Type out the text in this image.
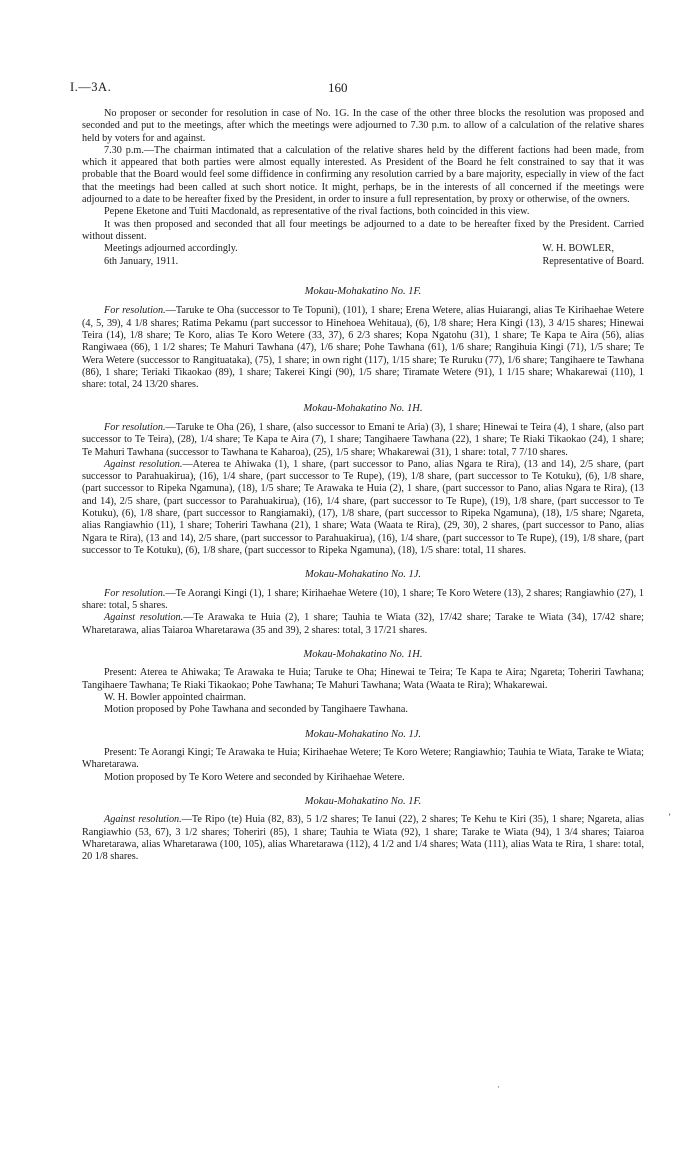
I.—3A.	160

No proposer or seconder for resolution in case of No. 1G. In the case of the other three blocks the resolution was proposed and seconded and put to the meetings, after which the meetings were adjourned to 7.30 p.m. to allow of a calculation of the relative shares held by voters for and against.

7.30 p.m.—The chairman intimated that a calculation of the relative shares held by the different factions had been made, from which it appeared that both parties were almost equally interested. As President of the Board he felt constrained to say that it was probable that the Board would feel some diffidence in confirming any resolution carried by a bare majority, especially in view of the fact that the meetings had been called at such short notice. It might, perhaps, be in the interests of all concerned if the meetings were adjourned to a date to be hereafter fixed by the President, in order to insure a full representation, by proxy or otherwise, of the owners.

Pepene Eketone and Tuiti Macdonald, as representative of the rival factions, both coincided in this view.

It was then proposed and seconded that all four meetings be adjourned to a date to be hereafter fixed by the President. Carried without dissent.

Meetings adjourned accordingly.
6th January, 1911.
W. H. BOWLER,
Representative of Board.
Mokau-Mohakatino No. 1F.

For resolution.—Taruke te Oha (successor to Te Topuni), (101), 1 share; Erena Wetere, alias Huiarangi, alias Te Kirihaehae Wetere (4, 5, 39), 4 1/8 shares; Ratima Pekamu (part successor to Hinehoea Wehitaua), (6), 1/8 share; Hera Kingi (13), 3 4/15 shares; Hinewai Teira (14), 1/8 share; Te Koro, alias Te Koro Wetere (33, 37), 6 2/3 shares; Kopa Ngatohu (31), 1 share; Te Kapa te Aira (56), alias Rangiwaea (66), 1 1/2 shares; Te Mahuri Tawhana (47), 1/6 share; Pohe Tawhana (61), 1/6 share; Rangihuia Kingi (71), 1/5 share; Te Wera Wetere (successor to Rangituataka), (75), 1 share; in own right (117), 1/15 share; Te Ruruku (77), 1/6 share; Tangihaere te Tawhana (86), 1 share; Teriaki Tikaokao (89), 1 share; Takerei Kingi (90), 1/5 share; Tiramate Wetere (91), 1 1/15 share; Whakarewai (110), 1 share: total, 24 13/20 shares.

Mokau-Mohakatino No. 1H.

For resolution.—Taruke te Oha (26), 1 share, (also successor to Emani te Aria) (3), 1 share; Hinewai te Teira (4), 1 share, (also part successor to Te Teira), (28), 1/4 share; Te Kapa te Aira (7), 1 share; Tangihaere Tawhana (22), 1 share; Te Riaki Tikaokao (24), 1 share; Te Mahuri Tawhana (successor to Tawhana te Kaharoa), (25), 1/5 share; Whakarewai (31), 1 share: total, 7 7/10 shares.

Against resolution.—Aterea te Ahiwaka (1), 1 share, (part successor to Pano, alias Ngara te Rira), (13 and 14), 2/5 share, (part successor to Parahuakirua), (16), 1/4 share, (part successor to Te Rupe), (19), 1/8 share, (part successor to Te Kotuku), (6), 1/8 share, (part successor to Ripeka Ngamuna), (18), 1/5 share; Te Arawaka te Huia (2), 1 share, (part successor to Pano, alias Ngara te Rira), (13 and 14), 2/5 share, (part successor to Parahuakirua), (16), 1/4 share, (part successor to Te Rupe), (19), 1/8 share, (part successor to Te Kotuku), (6), 1/8 share, (part successor to Rangiamaki), (17), 1/8 share, (part successor to Ripeka Ngamuna), (18), 1/5 share; Ngareta, alias Rangiawhio (11), 1 share; Toheriri Tawhana (21), 1 share; Wata (Waata te Rira), (29, 30), 2 shares, (part successor to Pano, alias Ngara te Rira), (13 and 14), 2/5 share, (part successor to Parahuakirua), (16), 1/4 share, (part successor to Te Rupe), (19), 1/8 share, (part successor to Te Kotuku), (6), 1/8 share, (part successor to Ripeka Ngamuna), (18), 1/5 share: total, 11 shares.

Mokau-Mohakatino No. 1J.

For resolution.—Te Aorangi Kingi (1), 1 share; Kirihaehae Wetere (10), 1 share; Te Koro Wetere (13), 2 shares; Rangiawhio (27), 1 share: total, 5 shares.

Against resolution.—Te Arawaka te Huia (2), 1 share; Tauhia te Wiata (32), 17/42 share; Tarake te Wiata (34), 17/42 share; Wharetarawa, alias Taiaroa Wharetarawa (35 and 39), 2 shares: total, 3 17/21 shares.

Mokau-Mohakatino No. 1H.

Present: Aterea te Ahiwaka; Te Arawaka te Huia; Taruke te Oha; Hinewai te Teira; Te Kapa te Aira; Ngareta; Toheriri Tawhana; Tangihaere Tawhana; Te Riaki Tikaokao; Pohe Tawhana; Te Mahuri Tawhana; Wata (Waata te Rira); Whakarewai.

W. H. Bowler appointed chairman.

Motion proposed by Pohe Tawhana and seconded by Tangihaere Tawhana.

Mokau-Mohakatino No. 1J.

Present: Te Aorangi Kingi; Te Arawaka te Huia; Kirihaehae Wetere; Te Koro Wetere; Rangiawhio; Tauhia te Wiata, Tarake te Wiata; Wharetarawa.

Motion proposed by Te Koro Wetere and seconded by Kirihaehae Wetere.

Mokau-Mohakatino No. 1F.

Against resolution.—Te Ripo (te) Huia (82, 83), 5 1/2 shares; Te Ianui (22), 2 shares; Te Kehu te Kiri (35), 1 share; Ngareta, alias Rangiawhio (53, 67), 3 1/2 shares; Toheriri (85), 1 share; Tauhia te Wiata (92), 1 share; Tarake te Wiata (94), 1 3/4 shares; Taiaroa Wharetarawa, alias Wharetarawa (100, 105), alias Wharetarawa (112), 4 1/2 and 1/4 shares; Wata (111), alias Wata te Rira, 1 share: total, 20 1/8 shares.

·
ʼ
